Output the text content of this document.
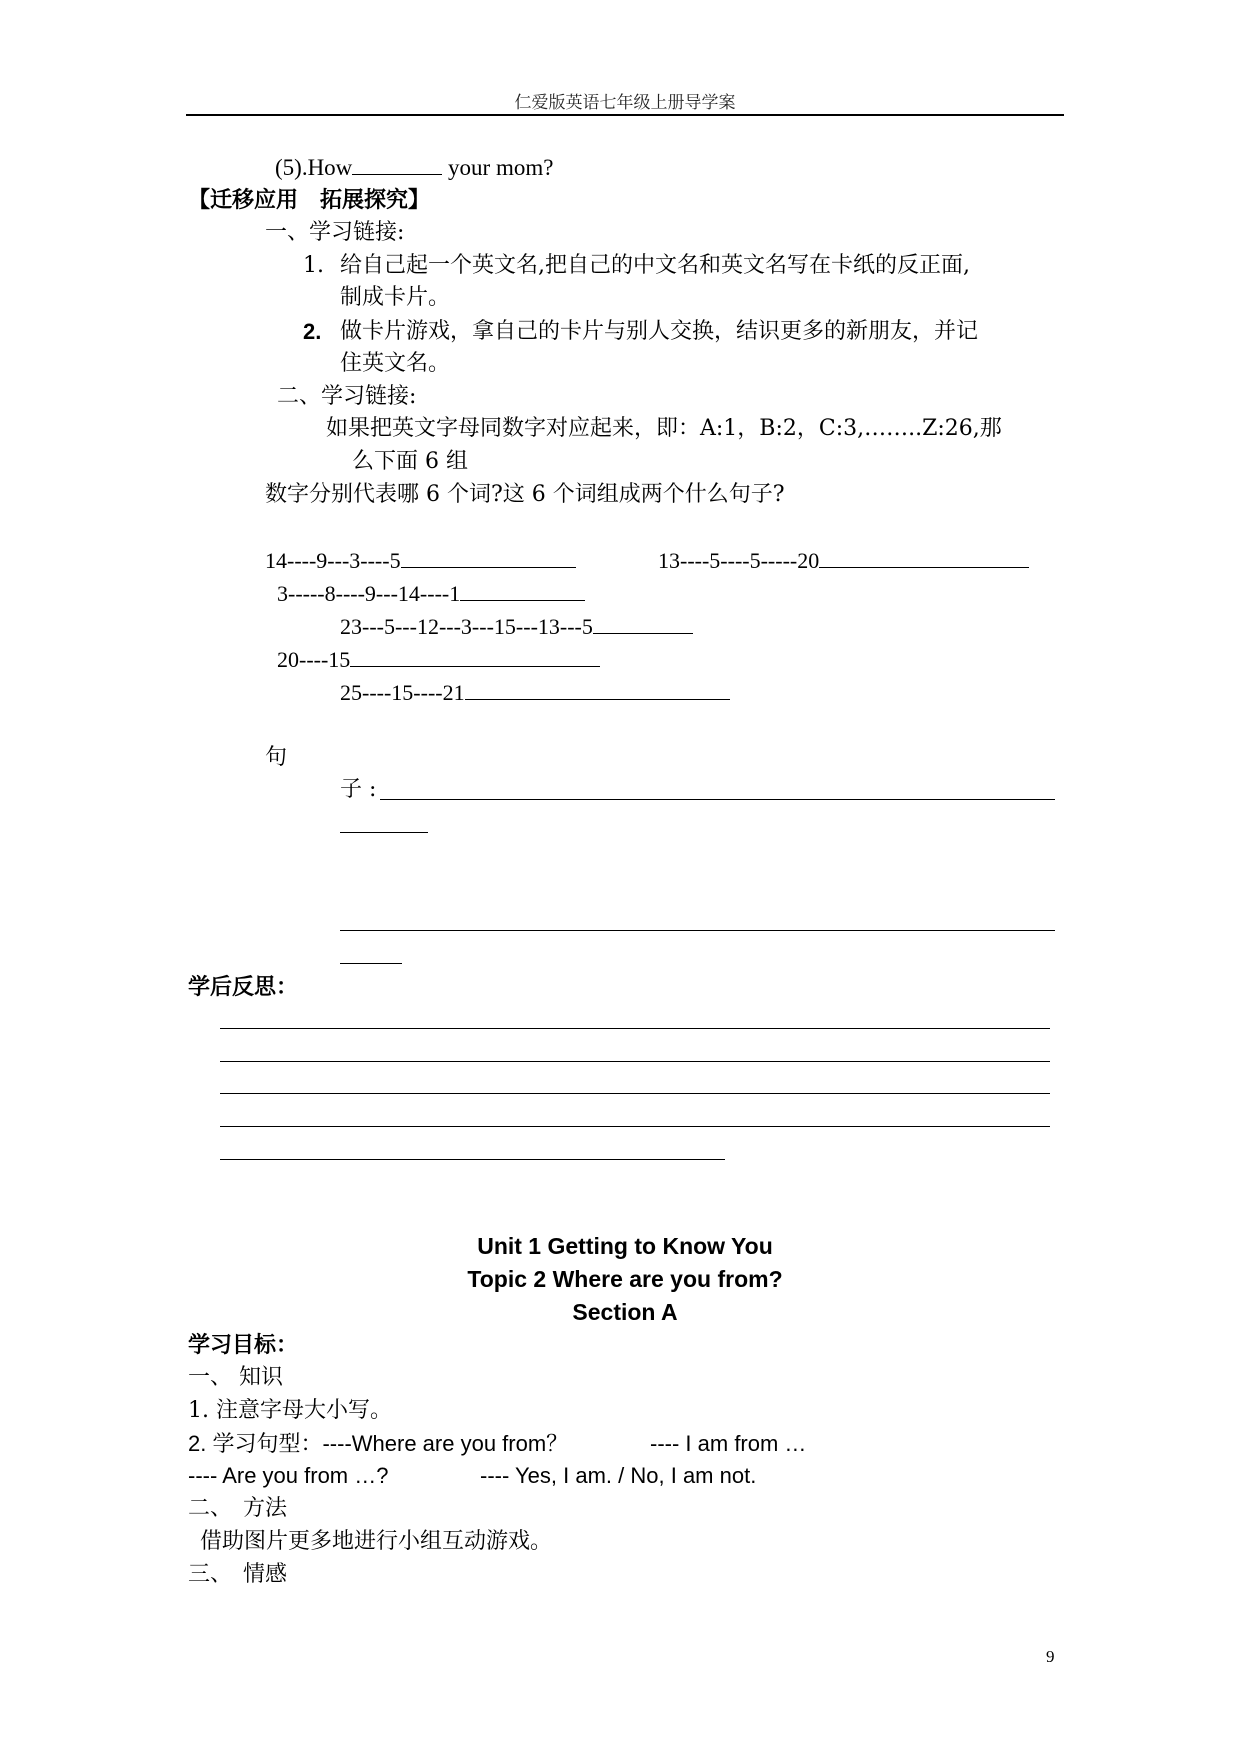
仁爱版英语七年级上册导学案
(5).How	your mom?
【迁移应用　拓展探究】
一、学习链接:
1. 给自己起一个英文名,把自己的中文名和英文名写在卡纸的反正面,
制成卡片。
2. 做卡片游戏，拿自己的卡片与别人交换，结识更多的新朋友，并记
住英文名。
二、学习链接:
如果把英文字母同数字对应起来，即：A:1，B:2，C:3,……..Z:26,那
么下面 6 组
数字分别代表哪 6 个词?这 6 个词组成两个什么句子?
14----9---3----5	13----5----5-----20
3-----8----9---14----1
23---5---12---3---15---13---5
20----15
25----15----21
句
子 :
学后反思：
Unit 1 Getting to Know You
Topic 2 Where are you from?
Section A
学习目标：
一、 知识
1. 注意字母大小写。
2. 学习句型：----Where are you from？	---- I am from …
---- Are you from …?	---- Yes, I am. / No, I am not.
二、　方法
借助图片更多地进行小组互动游戏。
三、　情感
9
